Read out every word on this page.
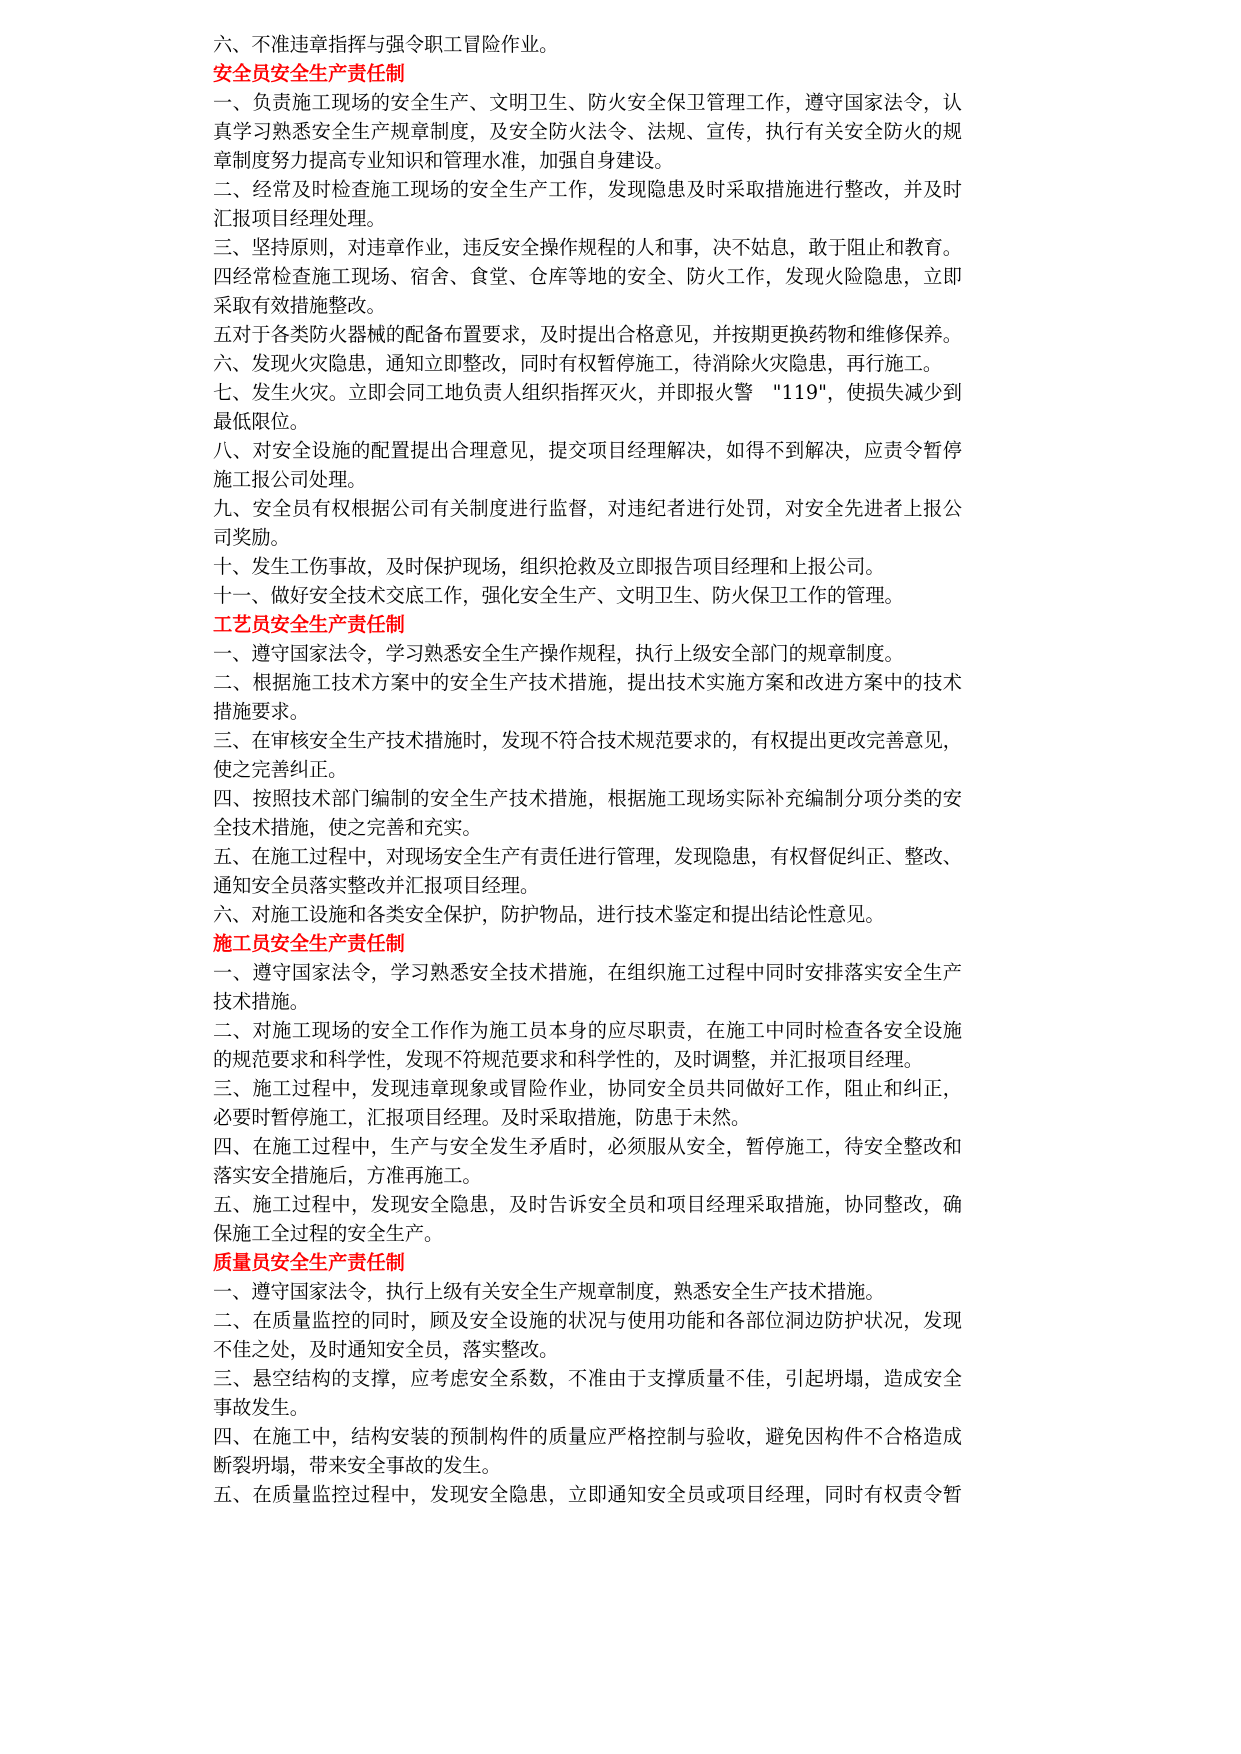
六、不准违章指挥与强令职工冒险作业。
安全员安全生产责任制
一、负责施工现场的安全生产、文明卫生、防火安全保卫管理工作，遵守国家法令，认
真学习熟悉安全生产规章制度，及安全防火法令、法规、宣传，执行有关安全防火的规
章制度努力提高专业知识和管理水准，加强自身建设。
二、经常及时检查施工现场的安全生产工作，发现隐患及时采取措施进行整改，并及时
汇报项目经理处理。
三、坚持原则，对违章作业，违反安全操作规程的人和事，决不姑息，敢于阻止和教育。
四经常检查施工现场、宿舍、食堂、仓库等地的安全、防火工作，发现火险隐患，立即
采取有效措施整改。
五对于各类防火器械的配备布置要求，及时提出合格意见，并按期更换药物和维修保养。
六、发现火灾隐患，通知立即整改，同时有权暂停施工，待消除火灾隐患，再行施工。
七、发生火灾。立即会同工地负责人组织指挥灭火，并即报火警　"119"，使损失减少到
最低限位。
八、对安全设施的配置提出合理意见，提交项目经理解决，如得不到解决，应责令暂停
施工报公司处理。
九、安全员有权根据公司有关制度进行监督，对违纪者进行处罚，对安全先进者上报公
司奖励。
十、发生工伤事故，及时保护现场，组织抢救及立即报告项目经理和上报公司。
十一、做好安全技术交底工作，强化安全生产、文明卫生、防火保卫工作的管理。
工艺员安全生产责任制
一、遵守国家法令，学习熟悉安全生产操作规程，执行上级安全部门的规章制度。
二、根据施工技术方案中的安全生产技术措施，提出技术实施方案和改进方案中的技术
措施要求。
三、在审核安全生产技术措施时，发现不符合技术规范要求的，有权提出更改完善意见，
使之完善纠正。
四、按照技术部门编制的安全生产技术措施，根据施工现场实际补充编制分项分类的安
全技术措施，使之完善和充实。
五、在施工过程中，对现场安全生产有责任进行管理，发现隐患，有权督促纠正、整改、
通知安全员落实整改并汇报项目经理。
六、对施工设施和各类安全保护，防护物品，进行技术鉴定和提出结论性意见。
施工员安全生产责任制
一、遵守国家法令，学习熟悉安全技术措施，在组织施工过程中同时安排落实安全生产
技术措施。
二、对施工现场的安全工作作为施工员本身的应尽职责，在施工中同时检查各安全设施
的规范要求和科学性，发现不符规范要求和科学性的，及时调整，并汇报项目经理。
三、施工过程中，发现违章现象或冒险作业，协同安全员共同做好工作，阻止和纠正，
必要时暂停施工，汇报项目经理。及时采取措施，防患于未然。
四、在施工过程中，生产与安全发生矛盾时，必须服从安全，暂停施工，待安全整改和
落实安全措施后，方准再施工。
五、施工过程中，发现安全隐患，及时告诉安全员和项目经理采取措施，协同整改，确
保施工全过程的安全生产。
质量员安全生产责任制
一、遵守国家法令，执行上级有关安全生产规章制度，熟悉安全生产技术措施。
二、在质量监控的同时，顾及安全设施的状况与使用功能和各部位洞边防护状况，发现
不佳之处，及时通知安全员，落实整改。
三、悬空结构的支撑，应考虑安全系数，不准由于支撑质量不佳，引起坍塌，造成安全
事故发生。
四、在施工中，结构安装的预制构件的质量应严格控制与验收，避免因构件不合格造成
断裂坍塌，带来安全事故的发生。
五、在质量监控过程中，发现安全隐患，立即通知安全员或项目经理，同时有权责令暂
